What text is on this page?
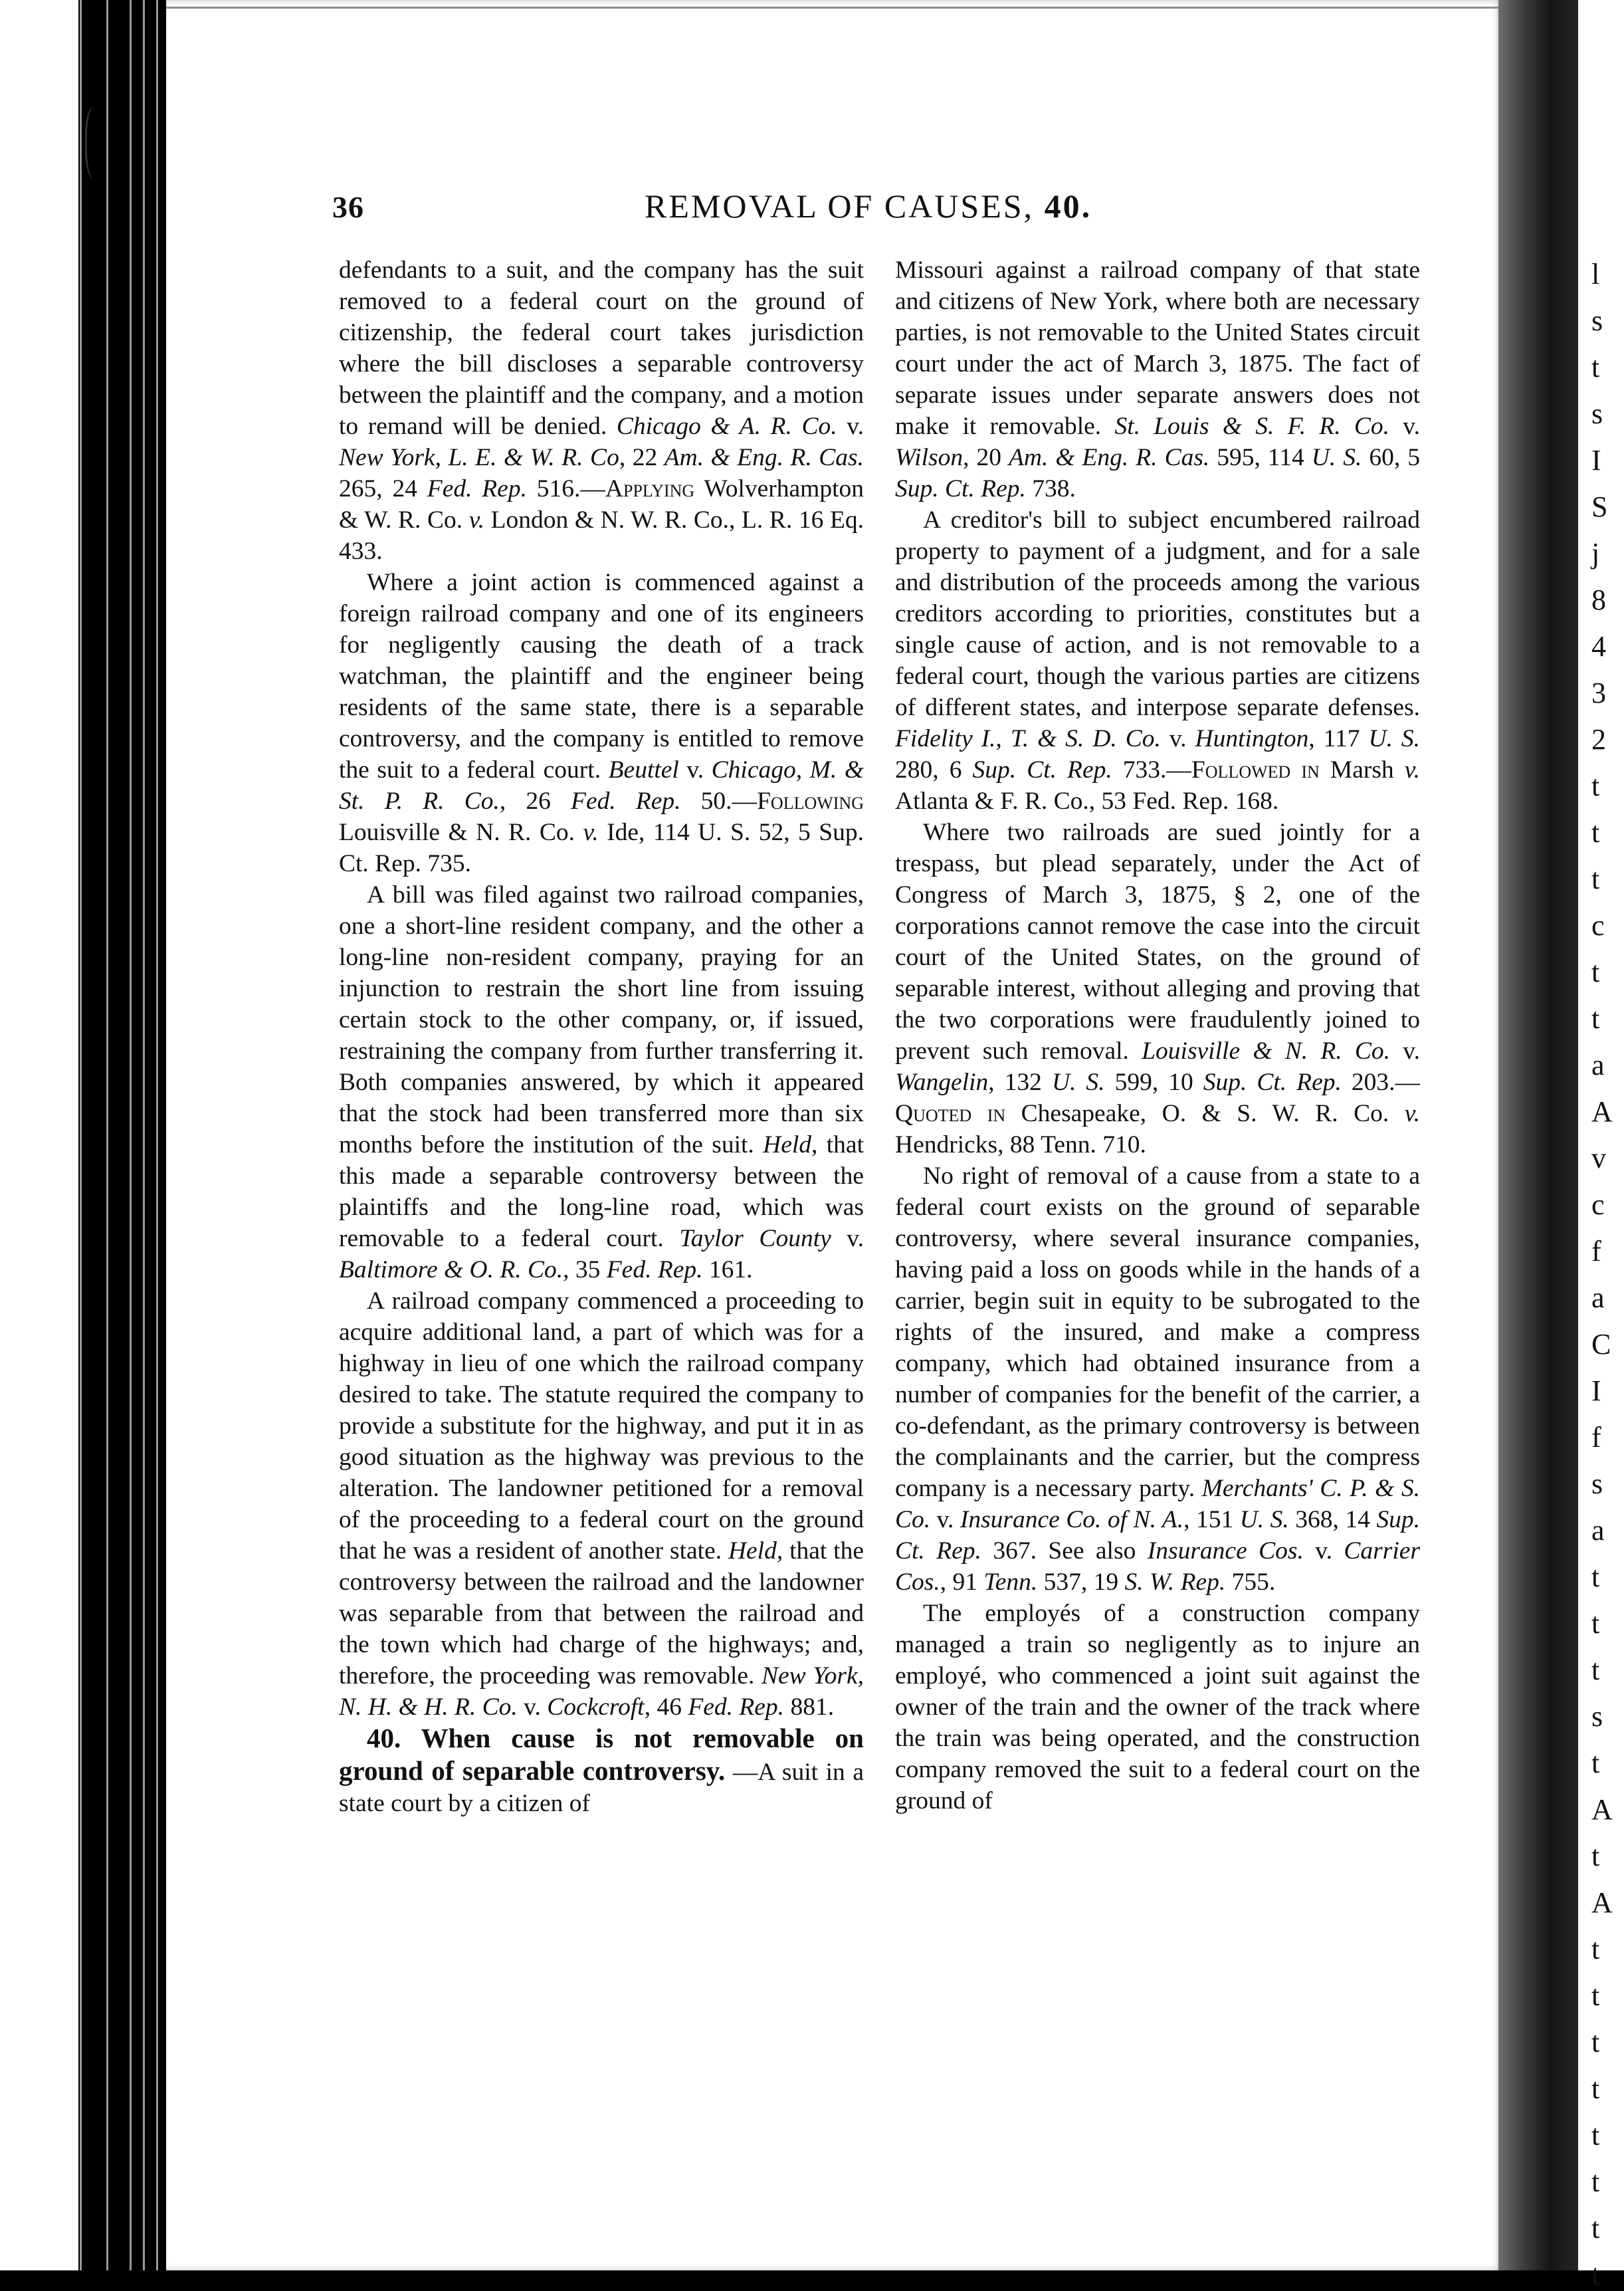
l
s
t
s
I
S
j
8
4
3
2
t
t
t
c
t
t
a
A
v
c
f
a
C
I
f
s
a
t
t
t
s
t
A
t
A
t
t
t
t
t
t
t
t
36	REMOVAL OF CAUSES, 40.

defendants to a suit, and the company has the suit removed to a federal court on the ground of citizenship, the federal court takes jurisdiction where the bill discloses a separable controversy between the plaintiff and the company, and a motion to remand will be denied. Chicago & A. R. Co. v. New York, L. E. & W. R. Co, 22 Am. & Eng. R. Cas. 265, 24 Fed. Rep. 516.—Applying Wolverhampton & W. R. Co. v. London & N. W. R. Co., L. R. 16 Eq. 433.

Where a joint action is commenced against a foreign railroad company and one of its engineers for negligently causing the death of a track watchman, the plaintiff and the engineer being residents of the same state, there is a separable controversy, and the company is entitled to remove the suit to a federal court. Beuttel v. Chicago, M. & St. P. R. Co., 26 Fed. Rep. 50.—Following Louisville & N. R. Co. v. Ide, 114 U. S. 52, 5 Sup. Ct. Rep. 735.

A bill was filed against two railroad companies, one a short-line resident company, and the other a long-line non-resident company, praying for an injunction to restrain the short line from issuing certain stock to the other company, or, if issued, restraining the company from further transferring it. Both companies answered, by which it appeared that the stock had been transferred more than six months before the institution of the suit. Held, that this made a separable controversy between the plaintiffs and the long-line road, which was removable to a federal court. Taylor County v. Baltimore & O. R. Co., 35 Fed. Rep. 161.

A railroad company commenced a proceeding to acquire additional land, a part of which was for a highway in lieu of one which the railroad company desired to take. The statute required the company to provide a substitute for the highway, and put it in as good situation as the highway was previous to the alteration. The landowner petitioned for a removal of the proceeding to a federal court on the ground that he was a resident of another state. Held, that the controversy between the railroad and the landowner was separable from that between the railroad and the town which had charge of the highways; and, therefore, the proceeding was removable. New York, N. H. & H. R. Co. v. Cockcroft, 46 Fed. Rep. 881.

40. When cause is not removable on ground of separable controversy. —A suit in a state court by a citizen of

Missouri against a railroad company of that state and citizens of New York, where both are necessary parties, is not removable to the United States circuit court under the act of March 3, 1875. The fact of separate issues under separate answers does not make it removable. St. Louis & S. F. R. Co. v. Wilson, 20 Am. & Eng. R. Cas. 595, 114 U. S. 60, 5 Sup. Ct. Rep. 738.

A creditor's bill to subject encumbered railroad property to payment of a judgment, and for a sale and distribution of the proceeds among the various creditors according to priorities, constitutes but a single cause of action, and is not removable to a federal court, though the various parties are citizens of different states, and interpose separate defenses. Fidelity I., T. & S. D. Co. v. Huntington, 117 U. S. 280, 6 Sup. Ct. Rep. 733.—Followed in Marsh v. Atlanta & F. R. Co., 53 Fed. Rep. 168.

Where two railroads are sued jointly for a trespass, but plead separately, under the Act of Congress of March 3, 1875, § 2, one of the corporations cannot remove the case into the circuit court of the United States, on the ground of separable interest, without alleging and proving that the two corporations were fraudulently joined to prevent such removal. Louisville & N. R. Co. v. Wangelin, 132 U. S. 599, 10 Sup. Ct. Rep. 203.—Quoted in Chesapeake, O. & S. W. R. Co. v. Hendricks, 88 Tenn. 710.

No right of removal of a cause from a state to a federal court exists on the ground of separable controversy, where several insurance companies, having paid a loss on goods while in the hands of a carrier, begin suit in equity to be subrogated to the rights of the insured, and make a compress company, which had obtained insurance from a number of companies for the benefit of the carrier, a co-defendant, as the primary controversy is between the complainants and the carrier, but the compress company is a necessary party. Merchants' C. P. & S. Co. v. Insurance Co. of N. A., 151 U. S. 368, 14 Sup. Ct. Rep. 367. See also Insurance Cos. v. Carrier Cos., 91 Tenn. 537, 19 S. W. Rep. 755.

The employés of a construction company managed a train so negligently as to injure an employé, who commenced a joint suit against the owner of the train and the owner of the track where the train was being operated, and the construction company removed the suit to a federal court on the ground of
